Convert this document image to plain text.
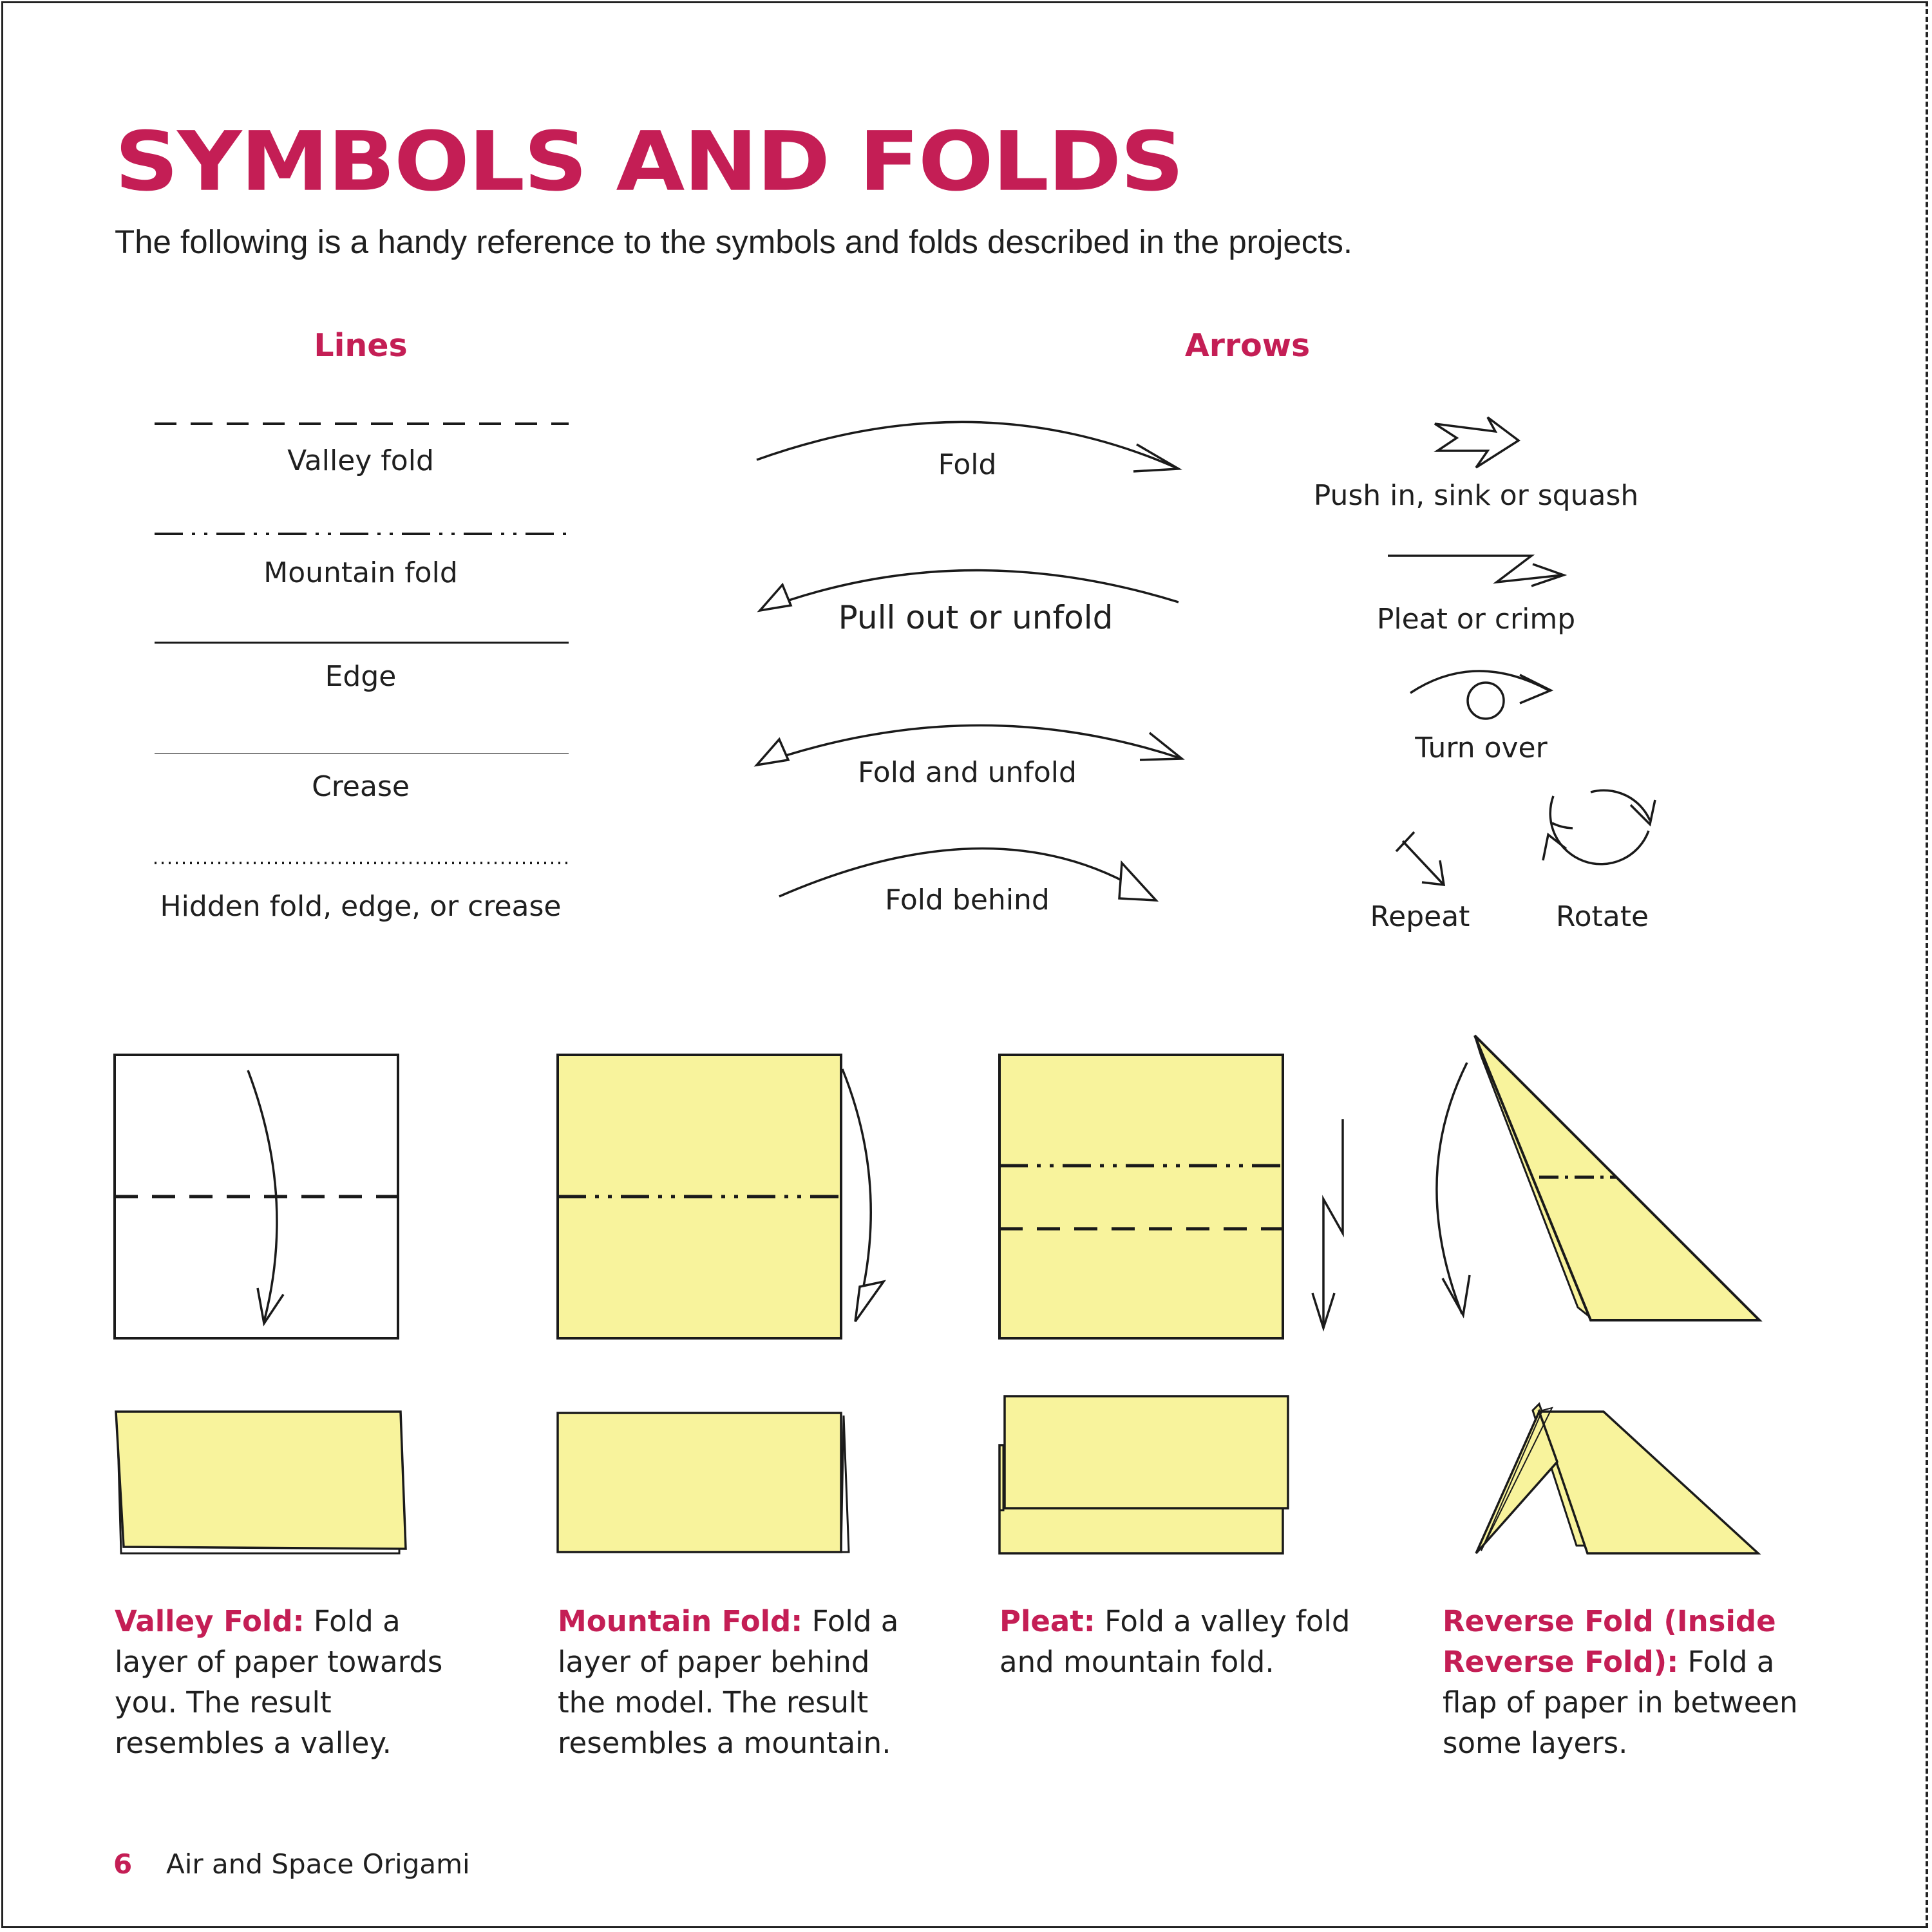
SYMBOLS AND FOLDS
The following is a handy reference to the symbols and folds described in the projects.
Lines	Arrows
Valley fold
Mountain fold
Edge
Crease
Hidden fold, edge, or crease
Fold
Pull out or unfold
Fold and unfold
Fold behind
Push in, sink or squash
Pleat or crimp
Turn over
Repeat	Rotate

Valley Fold: Fold a layer of paper towards you. The result resembles a valley.

Mountain Fold: Fold a layer of paper behind the model. The result resembles a mountain.

Pleat: Fold a valley fold and mountain fold.

Reverse Fold (Inside Reverse Fold): Fold a flap of paper in between some layers.

6 Air and Space Origami
